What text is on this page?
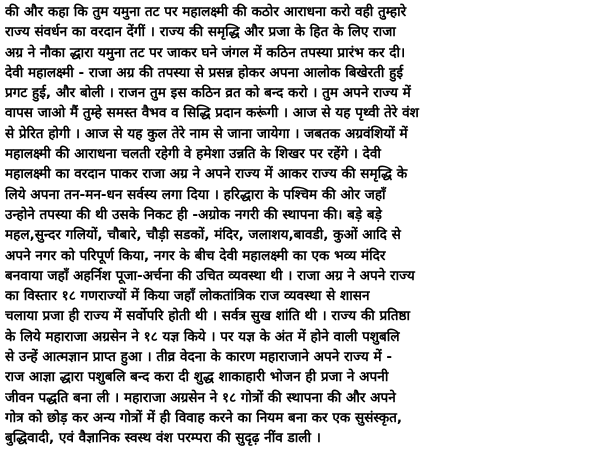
की और कहा कि तुम यमुना तट पर महालक्ष्मी की कठोर आराधना करो वही तुम्हारे
राज्य संवर्धन का वरदान देंगीं । राज्य की समृद्धि और प्रजा के हित के लिए राजा
अग्र ने नौका द्धारा यमुना तट पर जाकर घने जंगल में कठिन तपस्या प्रारंभ कर दी।
देवी महालक्ष्मी - राजा अग्र की तपस्या से प्रसन्न होकर अपना आलोक बिखेरती हुई
प्रगट हुई, और बोली । राजन तुम इस कठिन व्रत को बन्द करो । तुम अपने राज्य में
वापस जाओ मैं तुम्हे समस्त वैभव व सिद्धि प्रदान करूंगी । आज से यह पृथ्वी तेरे वंश
से प्रेरित होगी । आज से यह कुल तेरे नाम से जाना जायेगा । जबतक अग्रवंशियों में
महालक्ष्मी की आराधना चलती रहेगी वे हमेशा उन्नति के शिखर पर रहेंगे । देवी
महालक्ष्मी का वरदान पाकर राजा अग्र ने अपने राज्य में आकर राज्य की समृद्धि के
लिये अपना तन-मन-धन सर्वस्य लगा दिया । हरिद्धारा के पश्चिम की ओर जहाँ
उन्होने तपस्या की थी उसके निकट ही -अग्रोक नगरी की स्थापना की। बड़े बड़े
महल,सुन्दर गलियों, चौबारे, चौड़ी सडकों, मंदिर, जलाशय,बावडी, कुओं आदि से
अपने नगर को परिपूर्ण किया, नगर के बीच देवी महालक्ष्मी का एक भव्य मंदिर
बनवाया जहाँ अहर्निश पूजा-अर्चना की उचित व्यवस्था थी । राजा अग्र ने अपने राज्य
का विस्तार १८ गणराज्यों में किया जहाँ लोकतांत्रिक राज व्यवस्था से शासन
चलाया प्रजा ही राज्य में सर्वोपरि होती थी । सर्वत्र सुख शांति थी । राज्य की प्रतिष्ठा
के लिये महाराजा अग्रसेन ने १८ यज्ञ किये । पर यज्ञ के अंत में होने वाली पशुबलि
से उन्हें आत्मज्ञान प्राप्त हुआ । तीव्र वेदना के कारण महाराजाने अपने राज्य में -
राज आज्ञा द्धारा पशुबलि बन्द करा दी शुद्ध शाकाहारी भोजन ही प्रजा ने अपनी
जीवन पद्धति बना ली । महाराजा अग्रसेन ने १८ गोत्रों की स्थापना की और अपने
गोत्र को छोड़ कर अन्य गोत्रों में ही विवाह करने का नियम बना कर एक सुसंस्कृत,
बुद्धिवादी, एवं वैज्ञानिक स्वस्थ वंश परम्परा की सुदृढ़ नींव डाली ।
